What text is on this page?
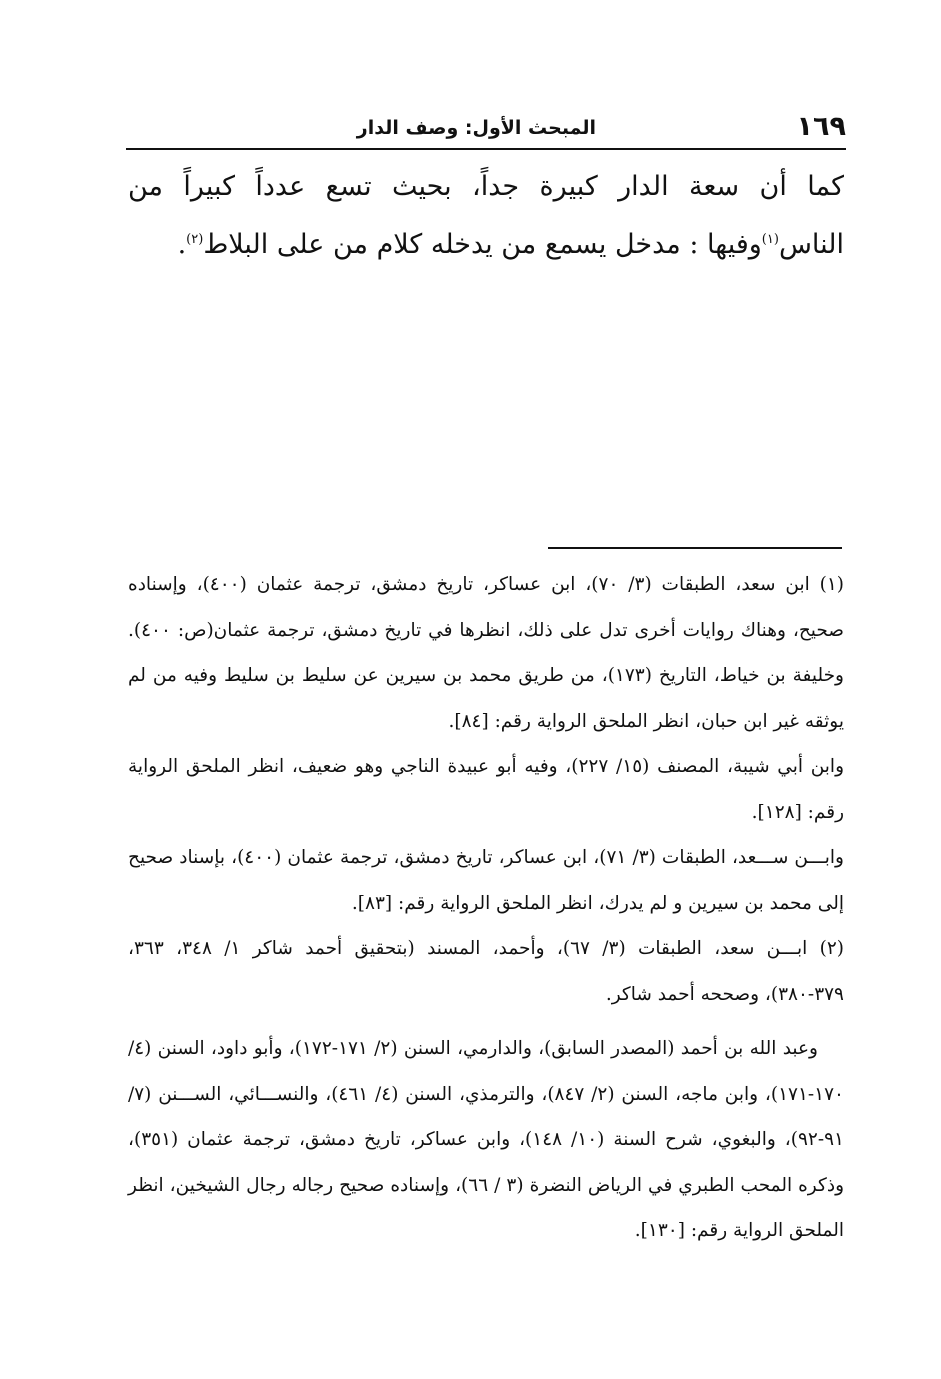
١٦٩
المبحث الأول: وصف الدار

كما أن سعة الدار كبيرة جداً، بحيث تسع عدداً كبيراً من الناس$^{(١)}$وفيها : مدخل يسمع من يدخله كلام من على البلاط$^{(٢)}$.

(١) ابن سعد، الطبقات (٣/ ٧٠)، ابن عساكر، تاريخ دمشق، ترجمة عثمان (٤٠٠)، وإسناده صحيح، وهناك روايات أخرى تدل على ذلك، انظرها في تاريخ دمشق، ترجمة عثمان(ص: ٤٠٠). وخليفة بن خياط، التاريخ (١٧٣)، من طريق محمد بن سيرين عن سليط بن سليط وفيه من لم يوثقه غير ابن حبان، انظر الملحق الرواية رقم: [٨٤].

وابن أبي شيبة، المصنف (١٥/ ٢٢٧)، وفيه أبو عبيدة الناجي وهو ضعيف، انظر الملحق الرواية رقم: [١٢٨].

وابـــن ســـعد، الطبقات (٣/ ٧١)، ابن عساكر، تاريخ دمشق، ترجمة عثمان (٤٠٠)، بإسناد صحيح إلى محمد بن سيرين و لم يدرك، انظر الملحق الرواية رقم: [٨٣].

(٢) ابـــن سعد، الطبقات (٣/ ٦٧)، وأحمد، المسند (بتحقيق أحمد شاكر ١/ ٣٤٨، ٣٦٣، ٣٧٩-٣٨٠)، وصححه أحمد شاكر.

وعبد الله بن أحمد (المصدر السابق)، والدارمي، السنن (٢/ ١٧١-١٧٢)، وأبو داود، السنن (٤/ ١٧٠-١٧١)، وابن ماجه، السنن (٢/ ٨٤٧)، والترمذي، السنن (٤/ ٤٦١)، والنســـائي، الســـنن (٧/ ٩١-٩٢)، والبغوي، شرح السنة (١٠/ ١٤٨)، وابن عساكر، تاريخ دمشق، ترجمة عثمان (٣٥١)، وذكره المحب الطبري في الرياض النضرة (٣ / ٦٦)، وإسناده صحيح رجاله رجال الشيخين، انظر الملحق الرواية رقم: [١٣٠].
